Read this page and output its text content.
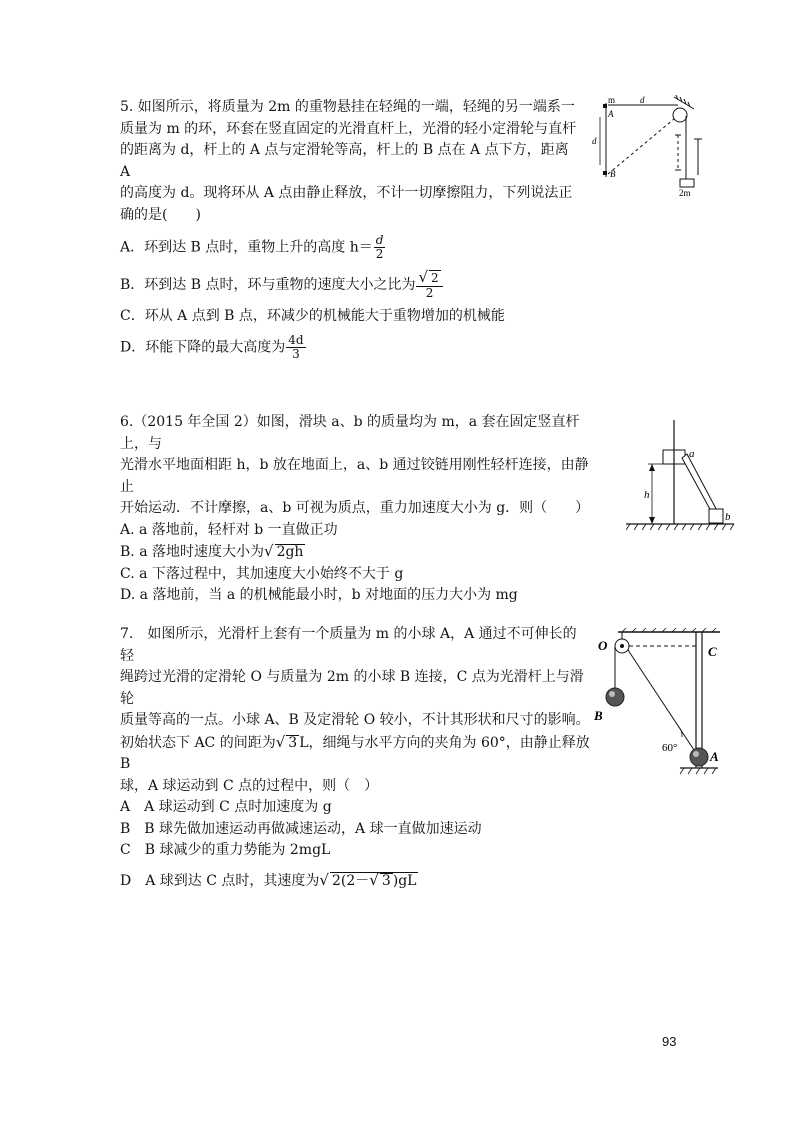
5. 如图所示，将质量为 2m 的重物悬挂在轻绳的一端，轻绳的另一端系一

质量为 m 的环，环套在竖直固定的光滑直杆上，光滑的轻小定滑轮与直杆

的距离为 d，杆上的 A 点与定滑轮等高，杆上的 B 点在 A 点下方，距离 A

的高度为 d。现将环从 A 点由静止释放，不计一切摩擦阻力，下列说法正

确的是(　　)

A．环到达 B 点时，重物上升的高度 $h= \frac{d}{2}$

B．环到达 B 点时，环与重物的速度大小之比为 $\frac{√ 2}{2}$

C．环从 A 点到 B 点，环减少的机械能大于重物增加的机械能

D．环能下降的最大高度为 $\frac{4d}{3}$

m
A
B
d
d
2m

6.（2015 年全国 2）如图，滑块 a、b 的质量均为 m，a 套在固定竖直杆上，与

光滑水平地面相距 h，b 放在地面上，a、b 通过铰链用刚性轻杆连接，由静止

开始运动．不计摩擦，a、b 可视为质点，重力加速度大小为 g．则（　　）

A. a 落地前，轻杆对 b 一直做正功

B. a 落地时速度大小为√ 2gh

C. a 下落过程中，其加速度大小始终不大于 g

D. a 落地前，当 a 的机械能最小时，b 对地面的压力大小为 mg

a
b
h

7.　如图所示，光滑杆上套有一个质量为 m 的小球 A，A 通过不可伸长的轻

绳跨过光滑的定滑轮 O 与质量为 2m 的小球 B 连接，C 点为光滑杆上与滑轮

质量等高的一点。小球 A、B 及定滑轮 O 较小，不计其形状和尺寸的影响。

初始状态下 AC 的间距为√ 3 L，细绳与水平方向的夹角为 60°，由静止释放 B

球，A 球运动到 C 点的过程中，则（　）

A　A 球运动到 C 点时加速度为 g

B　B 球先做加速运动再做减速运动，A 球一直做加速运动

C　B 球减少的重力势能为 2mgL

D　A 球到达 C 点时，其速度为√ 2(2－√ 3 )gL

O	C
B
A
60°
93
